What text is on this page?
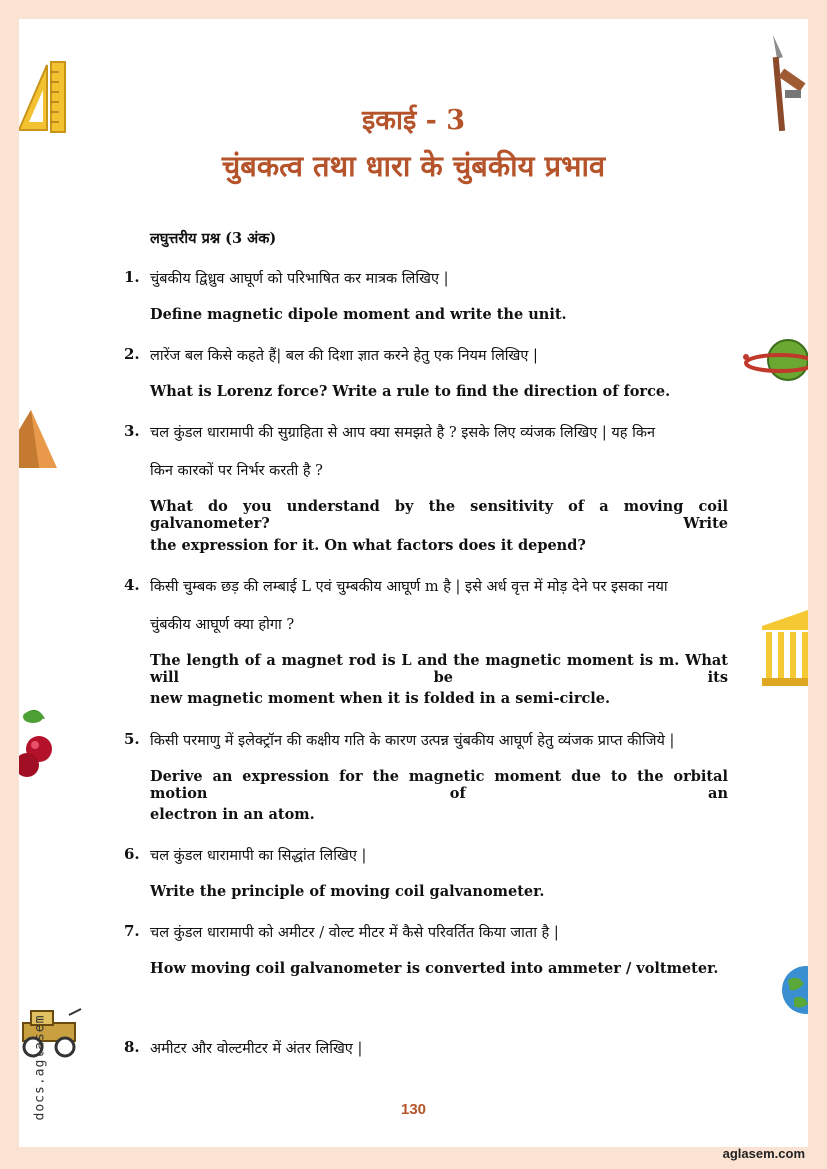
इकाई - 3
चुंबकत्व तथा धारा के चुंबकीय प्रभाव
लघुत्तरीय प्रश्न (3 अंक)
1. चुंबकीय द्विध्रुव आघूर्ण को परिभाषित कर मात्रक लिखिए |
Define magnetic dipole moment and write the unit.
2. लारेंज बल किसे कहते हैं| बल की दिशा ज्ञात करने हेतु एक नियम लिखिए |
What is Lorenz force? Write a rule to find the direction of force.
3. चल कुंडल धारामापी की सुग्राहिता से आप क्या समझते है ? इसके लिए व्यंजक लिखिए | यह किन
किन कारकों पर निर्भर करती है ?
What do you understand by the sensitivity of a moving coil galvanometer? Write
the expression for it. On what factors does it depend?
4. किसी चुम्बक छड़ की लम्बाई L एवं चुम्बकीय आघूर्ण m है | इसे अर्ध वृत्त में मोड़ देने पर इसका नया
चुंबकीय आघूर्ण क्या होगा ?
The length of a magnet rod is L and the magnetic moment is m. What will be its
new magnetic moment when it is folded in a semi-circle.
5. किसी परमाणु में इलेक्ट्रॉन की कक्षीय गति के कारण उत्पन्न चुंबकीय आघूर्ण हेतु व्यंजक प्राप्त कीजिये |
Derive an expression for the magnetic moment due to the orbital motion of an
electron in an atom.
6. चल कुंडल धारामापी का सिद्धांत लिखिए |
Write the principle of moving coil galvanometer.
7. चल कुंडल धारामापी को अमीटर / वोल्ट मीटर में कैसे परिवर्तित किया जाता है |
How moving coil galvanometer is converted into ammeter / voltmeter.
8. अमीटर और वोल्टमीटर में अंतर लिखिए |
130
aglasem.com
docs.aglasem
